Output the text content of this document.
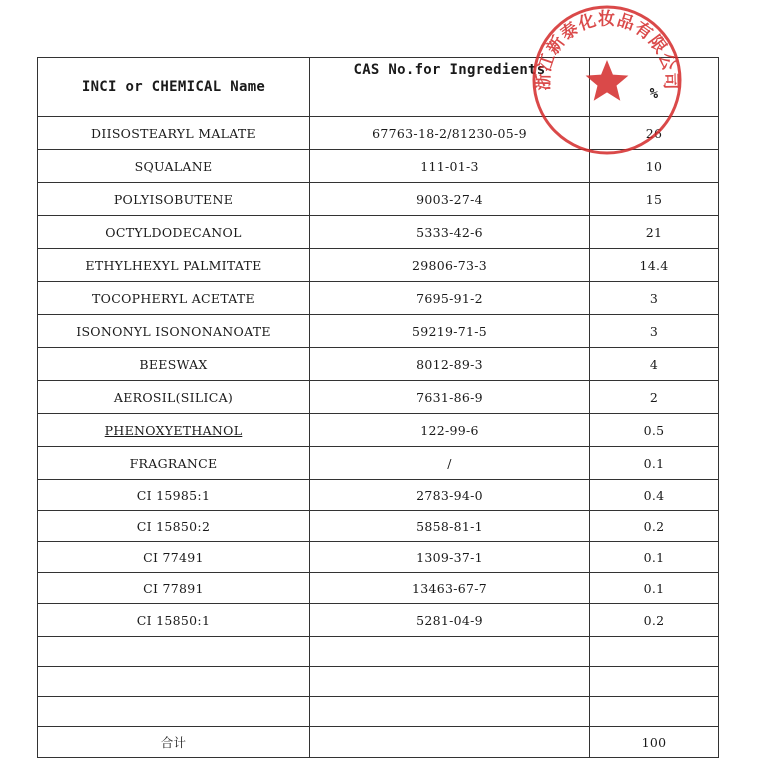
INCI or CHEMICAL Name	CAS No.for Ingredients	%
DIISOSTEARYL MALATE	67763-18-2/81230-05-9	26
SQUALANE	111-01-3	10
POLYISOBUTENE	9003-27-4	15
OCTYLDODECANOL	5333-42-6	21
ETHYLHEXYL PALMITATE	29806-73-3	14.4
TOCOPHERYL ACETATE	7695-91-2	3
ISONONYL ISONONANOATE	59219-71-5	3
BEESWAX	8012-89-3	4
AEROSIL(SILICA)	7631-86-9	2
PHENOXYETHANOL	122-99-6	0.5
FRAGRANCE	/	0.1
CI 15985:1	2783-94-0	0.4
CI 15850:2	5858-81-1	0.2
CI 77491	1309-37-1	0.1
CI 77891	13463-67-7	0.1
CI 15850:1	5281-04-9	0.2

合计		100
浙江新泰化妆品有限公司
